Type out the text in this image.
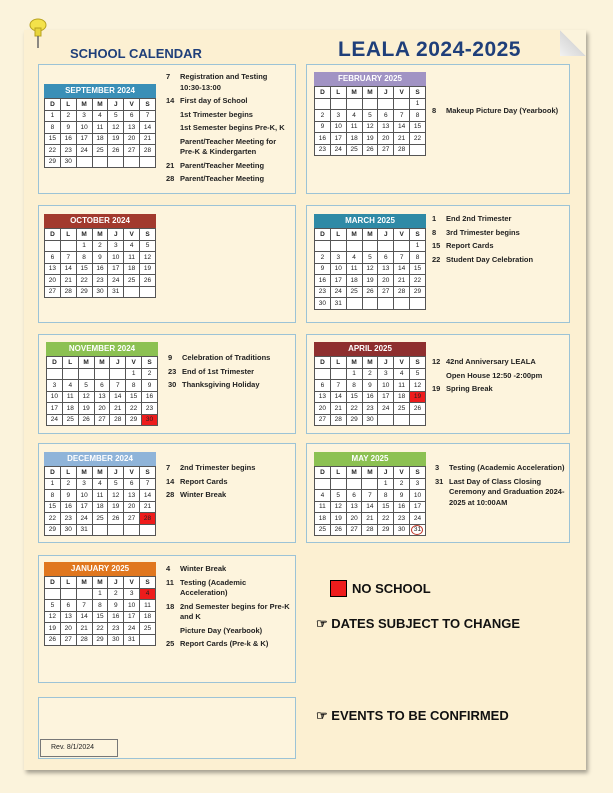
SCHOOL CALENDAR	LEALA 2024-2025
SEPTEMBER 2024
D	L	M	M	J	V	S
1	2	3	4	5	6	7
8	9	10	11	12	13	14
15	16	17	18	19	20	21
22	23	24	25	26	27	28
29	30					
7	Registration and Testing 10:30-13:00
14 First day of School
1st Trimester begins
1st Semester begins Pre-K, K
Parent/Teacher Meeting for Pre-K & Kindergarten
21 Parent/Teacher Meeting
28 Parent/Teacher Meeting
FEBRUARY 2025
D	L	M	M	J	V	S
						1
2	3	4	5	6	7	8
9	10	11	12	13	14	15
16	17	18	19	20	21	22
23	24	25	26	27	28	
8	Makeup Picture Day (Yearbook)
OCTOBER 2024
D	L	M	M	J	V	S
		1	2	3	4	5
6	7	8	9	10	11	12
13	14	15	16	17	18	19
20	21	22	23	24	25	26
27	28	29	30	31		
MARCH 2025
D	L	M	M	J	V	S
						1
2	3	4	5	6	7	8
9	10	11	12	13	14	15
16	17	18	19	20	21	22
23	24	25	26	27	28	29
30	31					
1	End 2nd Trimester
8	3rd Trimester begins
15 Report Cards
22 Student Day Celebration
NOVEMBER 2024
D	L	M	M	J	V	S
					1	2
3	4	5	6	7	8	9
10	11	12	13	14	15	16
17	18	19	20	21	22	23
24	25	26	27	28	29	30
9	Celebration of Traditions
23 End of 1st Trimester
30 Thanksgiving Holiday
APRIL 2025
D	L	M	M	J	V	S
		1	2	3	4	5
6	7	8	9	10	11	12
13	14	15	16	17	18	19
20	21	22	23	24	25	26
27	28	29	30			
12 42nd Anniversary LEALA
Open House 12:50 -2:00pm
19 Spring Break
DECEMBER 2024
D	L	M	M	J	V	S
1	2	3	4	5	6	7
8	9	10	11	12	13	14
15	16	17	18	19	20	21
22	23	24	25	26	27	28
29	30	31				
7	2nd Trimester begins
14 Report Cards
28 Winter Break
MAY 2025
D	L	M	M	J	V	S
				1	2	3
4	5	6	7	8	9	10
11	12	13	14	15	16	17
18	19	20	21	22	23	24
25	26	27	28	29	30	31
3	Testing (Academic Acceleration)
31 Last Day of Class Closing Ceremony and Graduation 2024-2025 at 10:00AM
JANUARY 2025
D	L	M	M	J	V	S
			1	2	3	4
5	6	7	8	9	10	11
12	13	14	15	16	17	18
19	20	21	22	23	24	25
26	27	28	29	30	31	
4	Winter Break
11 Testing (Academic Acceleration)
18 2nd Semester begins for Pre-K and K
Picture Day (Yearbook)
25 Report Cards (Pre-k & K)
NO SCHOOL
☞ DATES SUBJECT TO CHANGE
☞ EVENTS TO BE CONFIRMED
Rev. 8/1/2024
